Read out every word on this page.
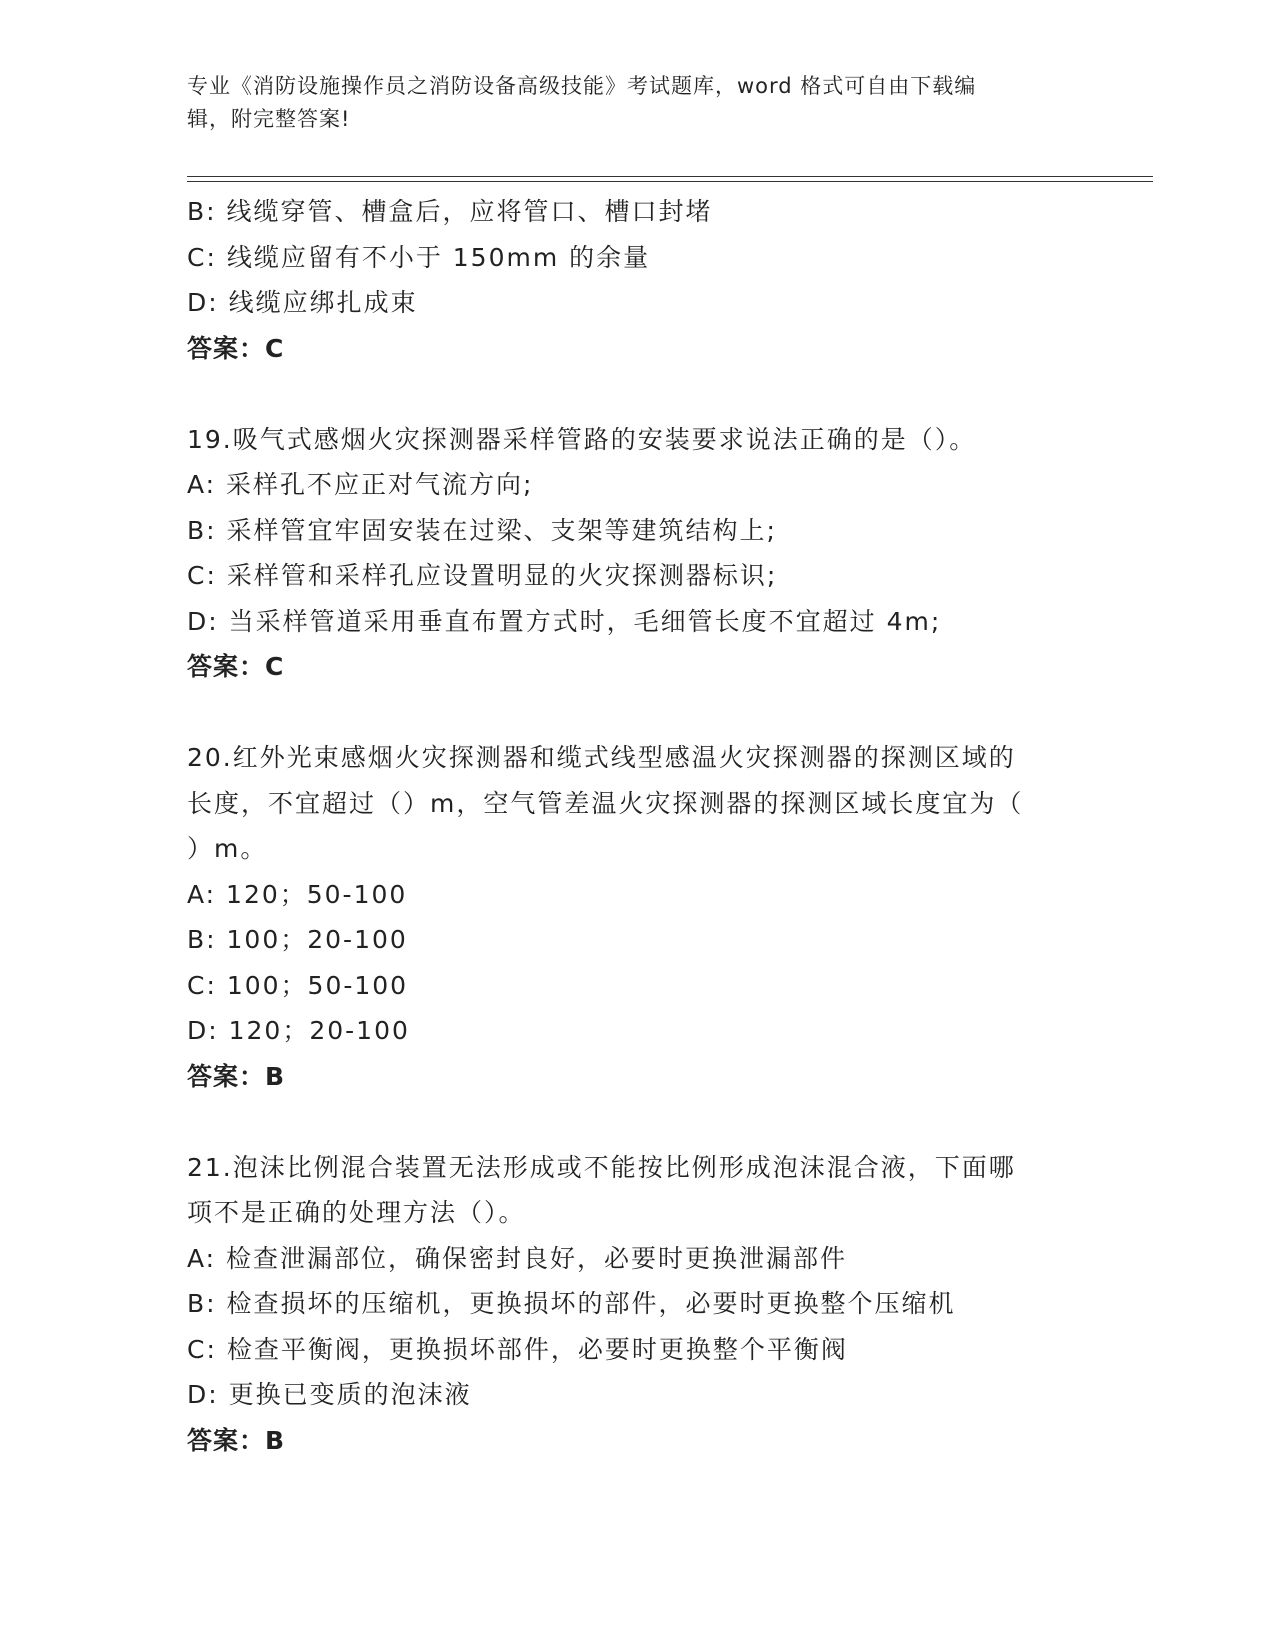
专业《消防设施操作员之消防设备高级技能》考试题库，word 格式可自由下载编
辑，附完整答案!
B: 线缆穿管、槽盒后，应将管口、槽口封堵
C: 线缆应留有不小于 150mm 的余量
D: 线缆应绑扎成束
答案：C
19.吸气式感烟火灾探测器采样管路的安装要求说法正确的是（）。
A: 采样孔不应正对气流方向;
B: 采样管宜牢固安装在过梁、支架等建筑结构上;
C: 采样管和采样孔应设置明显的火灾探测器标识;
D: 当采样管道采用垂直布置方式时，毛细管长度不宜超过 4m;
答案：C
20.红外光束感烟火灾探测器和缆式线型感温火灾探测器的探测区域的
长度，不宜超过（）m，空气管差温火灾探测器的探测区域长度宜为（
）m。
A: 120；50-100
B: 100；20-100
C: 100；50-100
D: 120；20-100
答案：B
21.泡沫比例混合装置无法形成或不能按比例形成泡沫混合液，下面哪
项不是正确的处理方法（）。
A: 检查泄漏部位，确保密封良好，必要时更换泄漏部件
B: 检查损坏的压缩机，更换损坏的部件，必要时更换整个压缩机
C: 检查平衡阀，更换损坏部件，必要时更换整个平衡阀
D: 更换已变质的泡沫液
答案：B
